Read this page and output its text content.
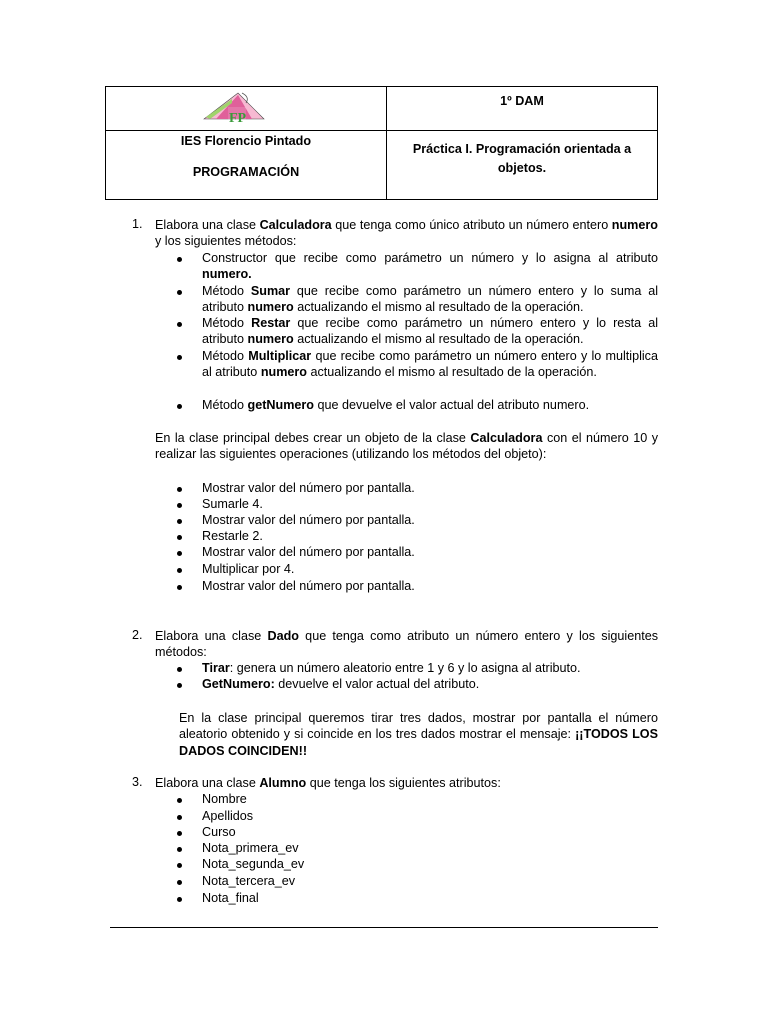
FP
1º DAM
IES Florencio Pintado
PROGRAMACIÓN
Práctica I. Programación orientada a
objetos.
1. Elabora una clase Calculadora que tenga como único atributo un número entero numero y los siguientes métodos:
Constructor que recibe como parámetro un número y lo asigna al atributo numero.
Método Sumar que recibe como parámetro un número entero y lo suma al atributo numero actualizando el mismo al resultado de la operación.
Método Restar que recibe como parámetro un número entero y lo resta al atributo numero actualizando el mismo al resultado de la operación.
Método Multiplicar que recibe como parámetro un número entero y lo multiplica al atributo numero actualizando el mismo al resultado de la operación.
Método getNumero que devuelve el valor actual del atributo numero.
En la clase principal debes crear un objeto de la clase Calculadora con el número 10 y realizar las siguientes operaciones (utilizando los métodos del objeto):
Mostrar valor del número por pantalla.
Sumarle 4.
Mostrar valor del número por pantalla.
Restarle 2.
Mostrar valor del número por pantalla.
Multiplicar por 4.
Mostrar valor del número por pantalla.
2. Elabora una clase Dado que tenga como atributo un número entero y los siguientes métodos:
Tirar: genera un número aleatorio entre 1 y 6 y lo asigna al atributo.
GetNumero: devuelve el valor actual del atributo.
En la clase principal queremos tirar tres dados, mostrar por pantalla el número aleatorio obtenido y si coincide en los tres dados mostrar el mensaje: ¡¡TODOS LOS DADOS COINCIDEN!!
3. Elabora una clase Alumno que tenga los siguientes atributos:
Nombre
Apellidos
Curso
Nota_primera_ev
Nota_segunda_ev
Nota_tercera_ev
Nota_final
